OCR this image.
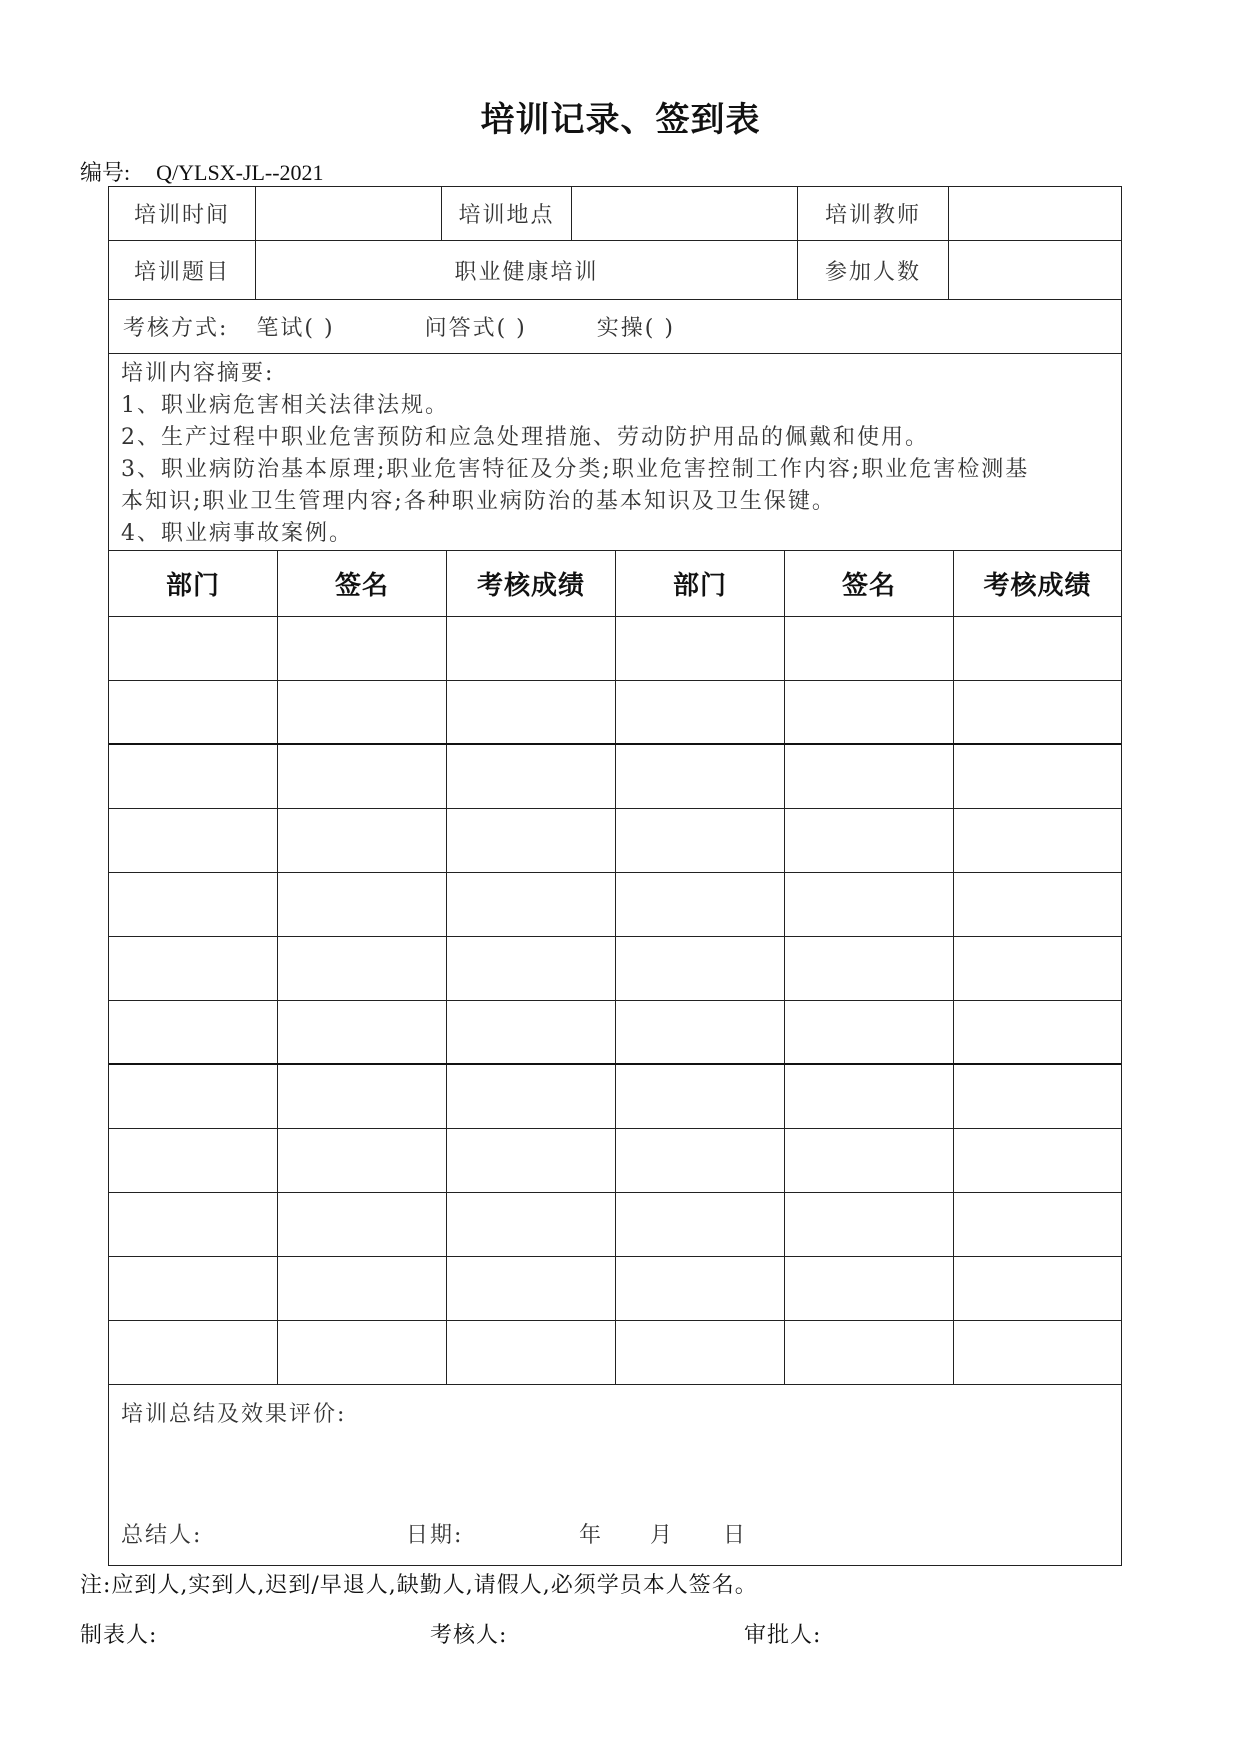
培训记录、签到表
编号: Q/YLSX-JL--2021
培训时间	培训地点	培训教师
培训题目	职业健康培训	参加人数
考核方式: 笔试( )	问答式( )	实操( )
培训内容摘要:
1、职业病危害相关法律法规。
2、生产过程中职业危害预防和应急处理措施、劳动防护用品的佩戴和使用。
3、职业病防治基本原理;职业危害特征及分类;职业危害控制工作内容;职业危害检测基
本知识;职业卫生管理内容;各种职业病防治的基本知识及卫生保键。
4、职业病事故案例。
部门	签名	考核成绩	部门	签名	考核成绩
培训总结及效果评价:
总结人:	日期:	年 月 日
注:应到人,实到人,迟到/早退人,缺勤人,请假人,必须学员本人签名。
制表人:	考核人:	审批人:
